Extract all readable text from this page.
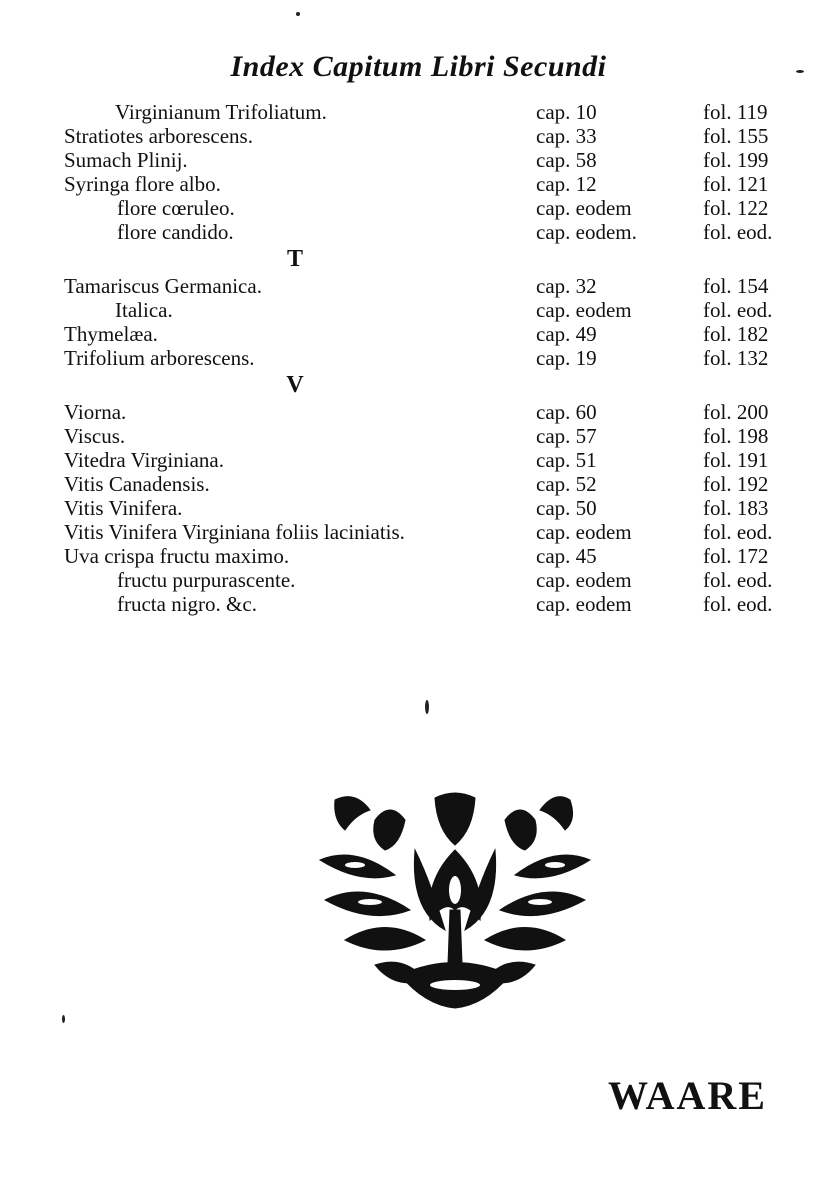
Index Capitum Libri Secundi
Virginianum Trifoliatum.	cap. 10	fol. 119
Stratiotes arborescens.	cap. 33	fol. 155
Sumach Plinij.	cap. 58	fol. 199
Syringa flore albo.	cap. 12	fol. 121
flore cœruleo.	cap. eodem	fol. 122
flore candido.	cap. eodem.	fol. eod.
T
Tamariscus Germanica.	cap. 32	fol. 154
Italica.	cap. eodem	fol. eod.
Thymelæa.	cap. 49	fol. 182
Trifolium arborescens.	cap. 19	fol. 132
V
Viorna.	cap. 60	fol. 200
Viscus.	cap. 57	fol. 198
Vitedra Virginiana.	cap. 51	fol. 191
Vitis Canadensis.	cap. 52	fol. 192
Vitis Vinifera.	cap. 50	fol. 183
Vitis Vinifera Virginiana foliis laciniatis.	cap. eodem	fol. eod.
Uva crispa fructu maximo.	cap. 45	fol. 172
fructu purpurascente.	cap. eodem	fol. eod.
fructa nigro. &c.	cap. eodem	fol. eod.
WAARE
